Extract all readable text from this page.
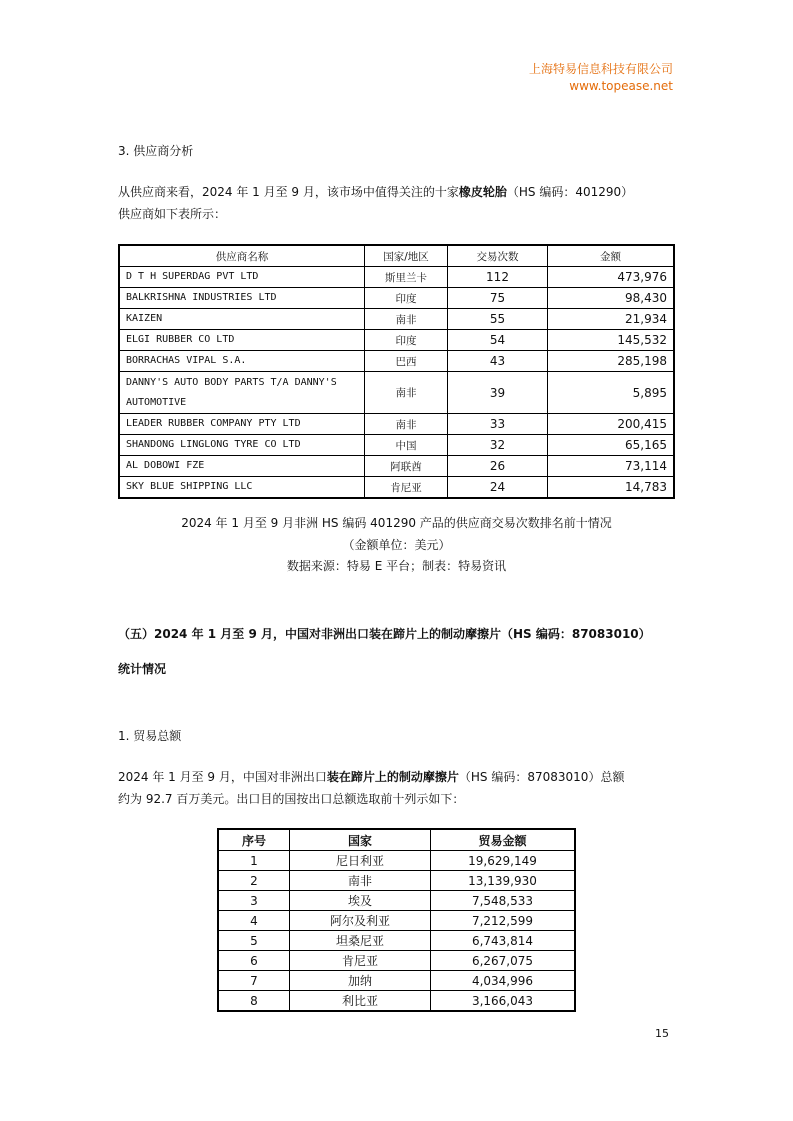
上海特易信息科技有限公司
www.topease.net
3. 供应商分析
从供应商来看，2024 年 1 月至 9 月，该市场中值得关注的十家橡皮轮胎（HS 编码：401290）
供应商如下表所示：
供应商名称	国家/地区	交易次数	金额
D T H SUPERDAG PVT LTD	斯里兰卡	112	473,976
BALKRISHNA INDUSTRIES LTD	印度	75	98,430
KAIZEN	南非	55	21,934
ELGI RUBBER CO LTD	印度	54	145,532
BORRACHAS VIPAL S.A.	巴西	43	285,198
DANNY'S AUTO BODY PARTS T/A DANNY'S AUTOMOTIVE	南非	39	5,895
LEADER RUBBER COMPANY PTY LTD	南非	33	200,415
SHANDONG LINGLONG TYRE CO LTD	中国	32	65,165
AL DOBOWI FZE	阿联酋	26	73,114
SKY BLUE SHIPPING LLC	肯尼亚	24	14,783
2024 年 1 月至 9 月非洲 HS 编码 401290 产品的供应商交易次数排名前十情况
（金额单位：美元）
数据来源：特易 E 平台；制表：特易资讯
（五）2024 年 1 月至 9 月，中国对非洲出口装在蹄片上的制动摩擦片（HS 编码：87083010）
统计情况
1. 贸易总额
2024 年 1 月至 9 月，中国对非洲出口装在蹄片上的制动摩擦片（HS 编码：87083010）总额
约为 92.7 百万美元。出口目的国按出口总额选取前十列示如下：
序号	国家	贸易金额
1	尼日利亚	19,629,149
2	南非	13,139,930
3	埃及	7,548,533
4	阿尔及利亚	7,212,599
5	坦桑尼亚	6,743,814
6	肯尼亚	6,267,075
7	加纳	4,034,996
8	利比亚	3,166,043
15
